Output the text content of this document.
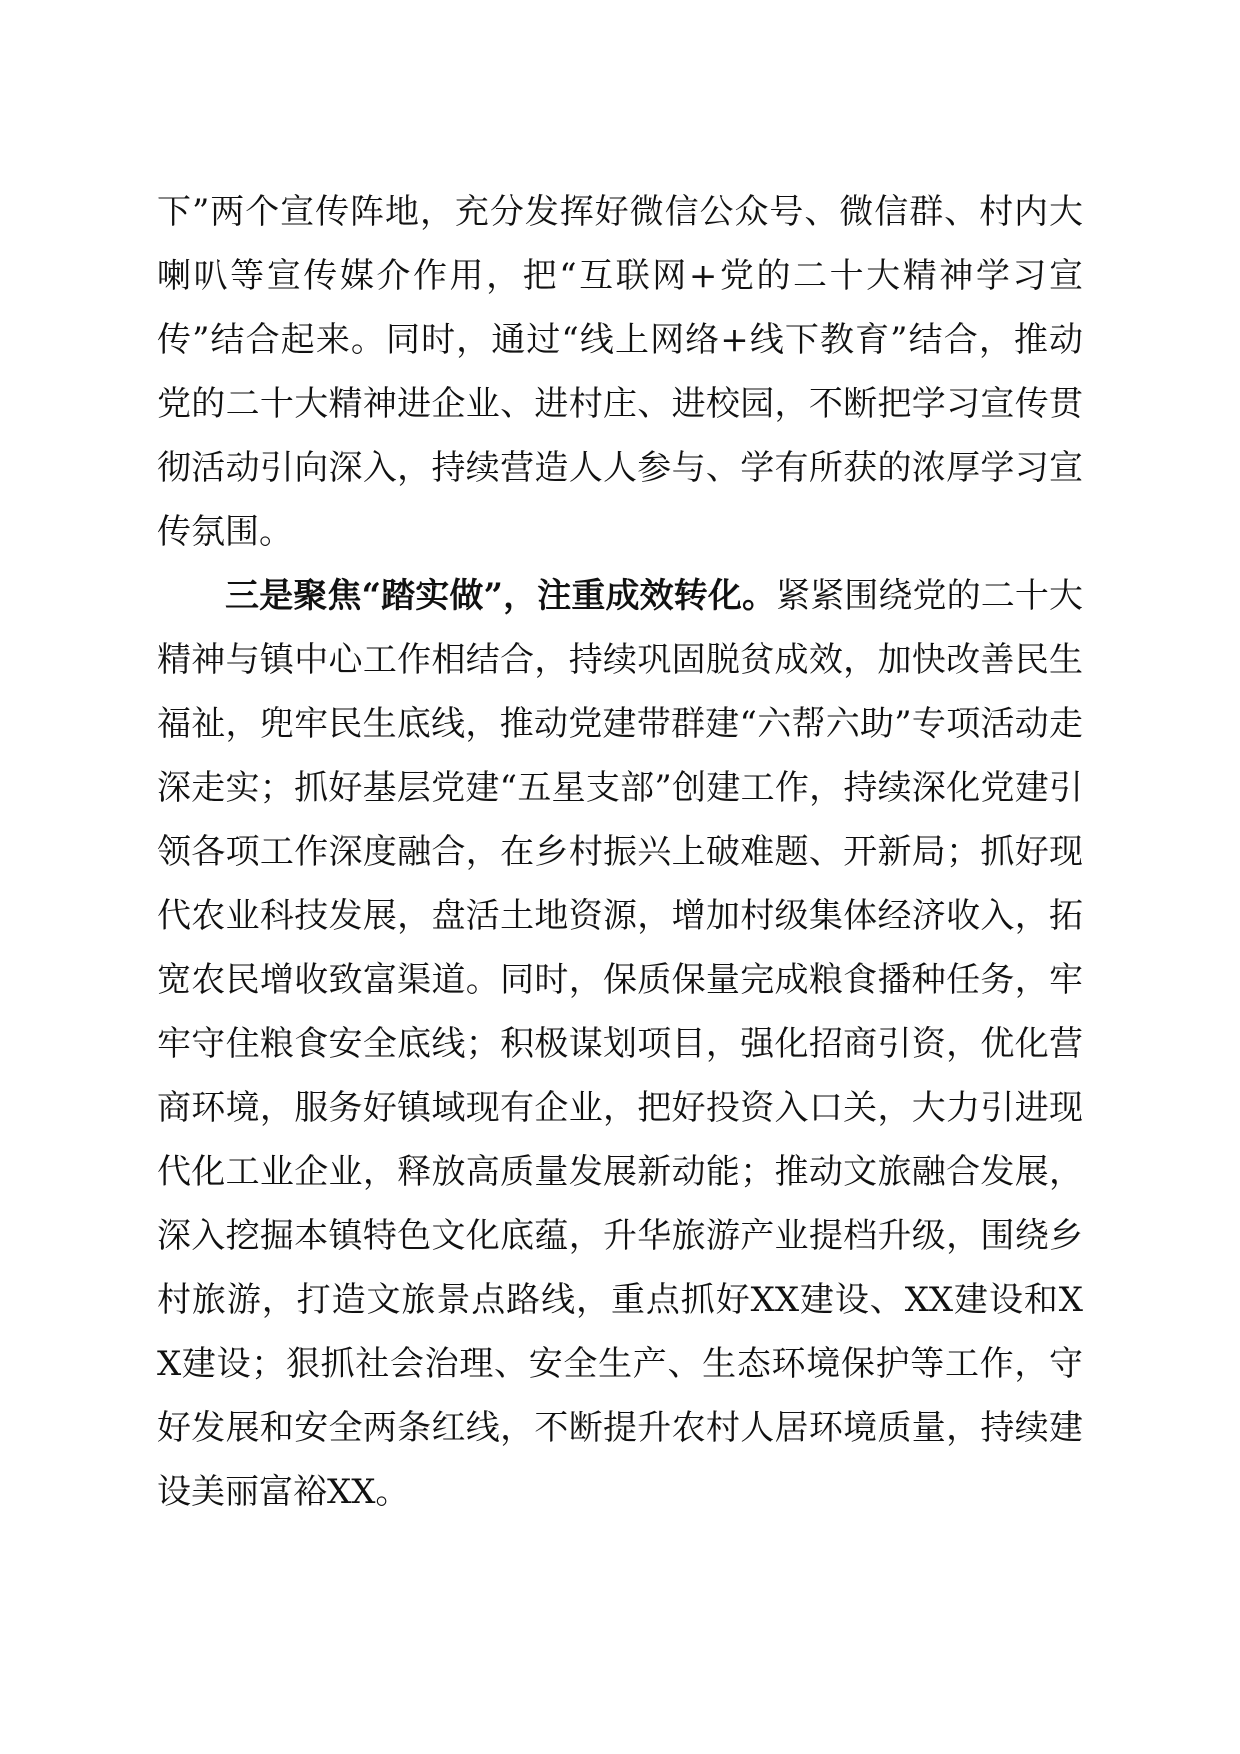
下”两个宣传阵地，充分发挥好微信公众号、微信群、村内大喇叭等宣传媒介作用，把“互联网+党的二十大精神学习宣传”结合起来。同时，通过“线上网络+线下教育”结合，推动党的二十大精神进企业、进村庄、进校园，不断把学习宣传贯彻活动引向深入，持续营造人人参与、学有所获的浓厚学习宣传氛围。

三是聚焦“踏实做”，注重成效转化。紧紧围绕党的二十大精神与镇中心工作相结合，持续巩固脱贫成效，加快改善民生福祉，兜牢民生底线，推动党建带群建“六帮六助”专项活动走深走实；抓好基层党建“五星支部”创建工作，持续深化党建引领各项工作深度融合，在乡村振兴上破难题、开新局；抓好现代农业科技发展，盘活土地资源，增加村级集体经济收入，拓宽农民增收致富渠道。同时，保质保量完成粮食播种任务，牢牢守住粮食安全底线；积极谋划项目，强化招商引资，优化营商环境，服务好镇域现有企业，把好投资入口关，大力引进现代化工业企业，释放高质量发展新动能；推动文旅融合发展，深入挖掘本镇特色文化底蕴，升华旅游产业提档升级，围绕乡村旅游，打造文旅景点路线，重点抓好XX建设、XX建设和XX建设；狠抓社会治理、安全生产、生态环境保护等工作，守好发展和安全两条红线，不断提升农村人居环境质量，持续建设美丽富裕XX。
